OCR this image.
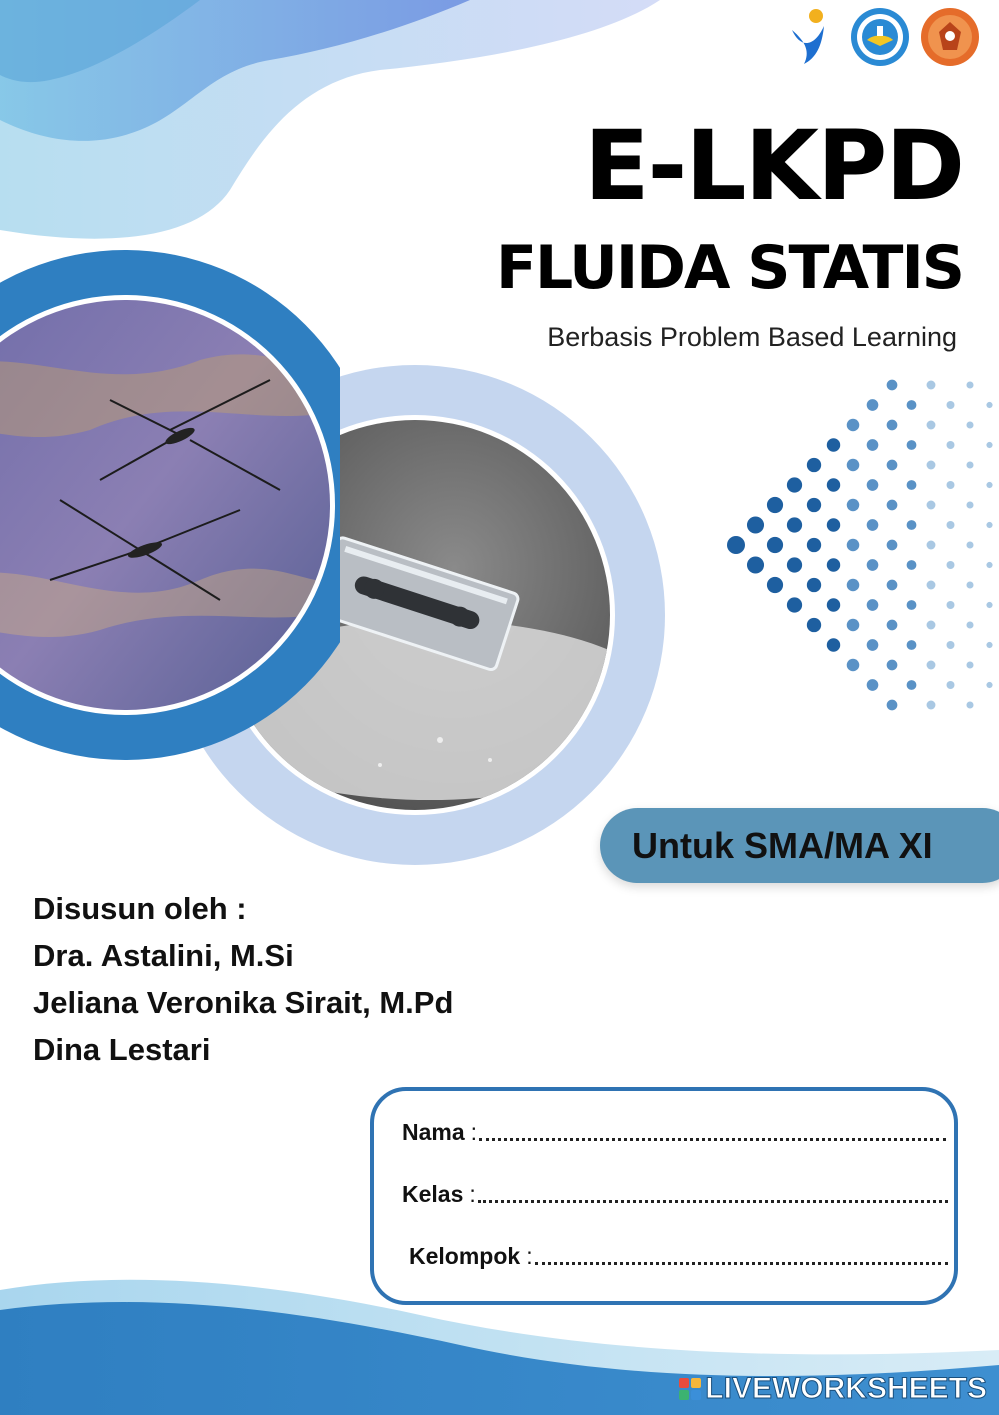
E-LKPD
FLUIDA STATIS
Berbasis Problem Based Learning
Untuk SMA/MA XI
Disusun oleh :
Dra. Astalini, M.Si
Jeliana Veronika Sirait, M.Pd
Dina Lestari
Nama :
Kelas :
Kelompok :
LIVEWORKSHEETS
